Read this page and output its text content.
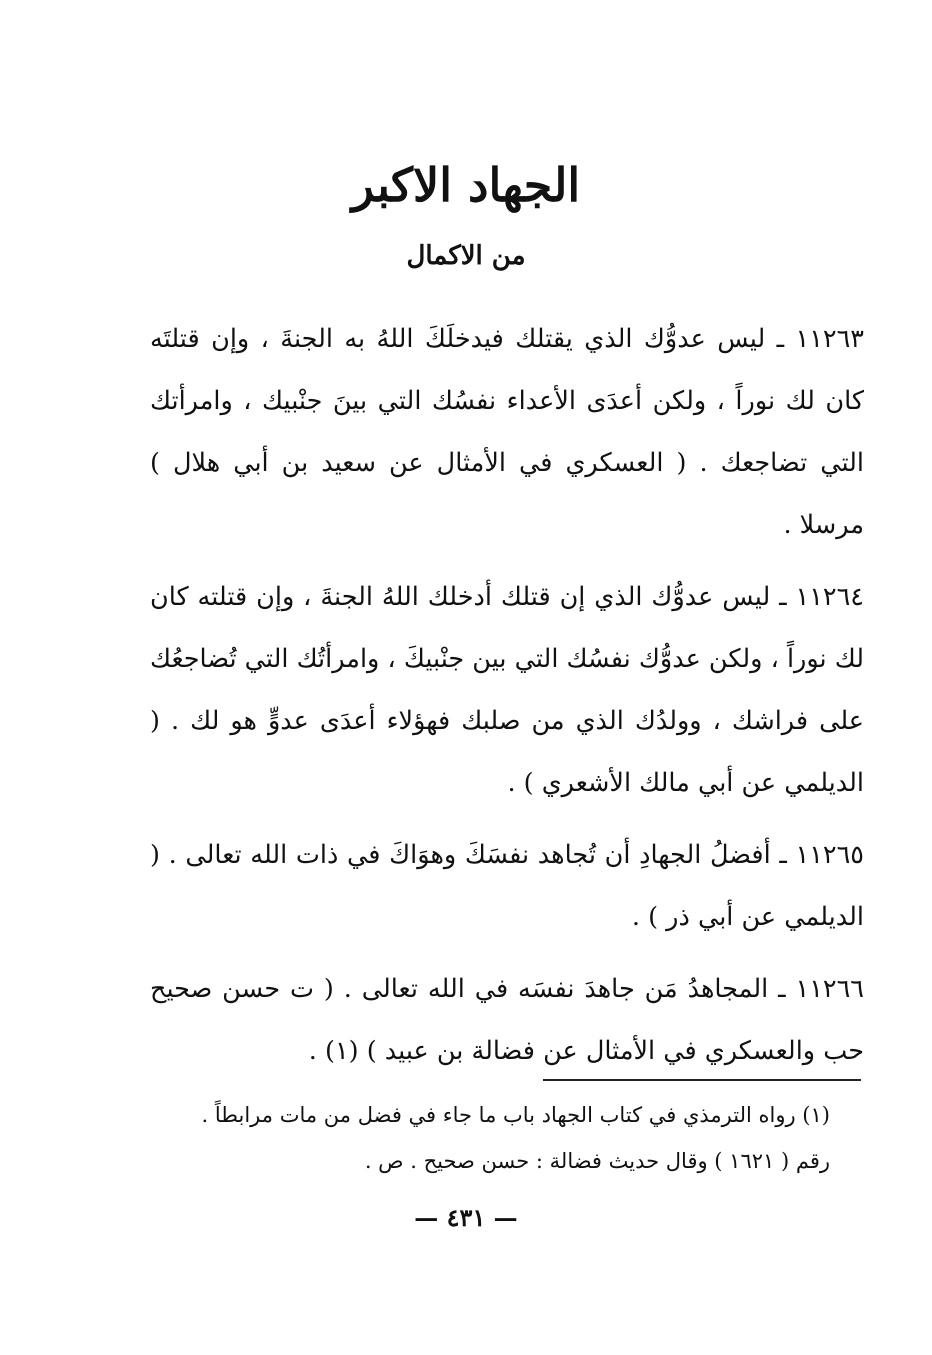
الجهاد الاكبر
من الاكمال

١١٢٦٣ ـ ليس عدوُّك الذي يقتلك فيدخلَكَ اللهُ به الجنةَ ، وإن قتلتَه كان لك نوراً ، ولكن أعدَى الأعداء نفسُك التي بينَ جنْبيك ، وامرأتك التي تضاجعك . ( العسكري في الأمثال عن سعيد بن أبي هلال ) مرسلا .

١١٢٦٤ ـ ليس عدوُّك الذي إن قتلك أدخلك اللهُ الجنةَ ، وإن قتلته كان لك نوراً ، ولكن عدوُّك نفسُك التي بين جنْبيكَ ، وامرأتُك التي تُضاجعُك على فراشك ، وولدُك الذي من صلبك فهؤلاء أعدَى عدوٍّ هو لك . ( الديلمي عن أبي مالك الأشعري ) .

١١٢٦٥ ـ أفضلُ الجهادِ أن تُجاهد نفسَكَ وهوَاكَ في ذات الله تعالى . ( الديلمي عن أبي ذر ) .

١١٢٦٦ ـ المجاهدُ مَن جاهدَ نفسَه في الله تعالى . ( ت حسن صحيح حب والعسكري في الأمثال عن فضالة بن عبيد ) (١) .

(١) رواه الترمذي في كتاب الجهاد باب ما جاء في فضل من مات مرابطاً .
رقم ( ١٦٢١ ) وقال حديث فضالة : حسن صحيح . ص .
— ٤٣١ —
